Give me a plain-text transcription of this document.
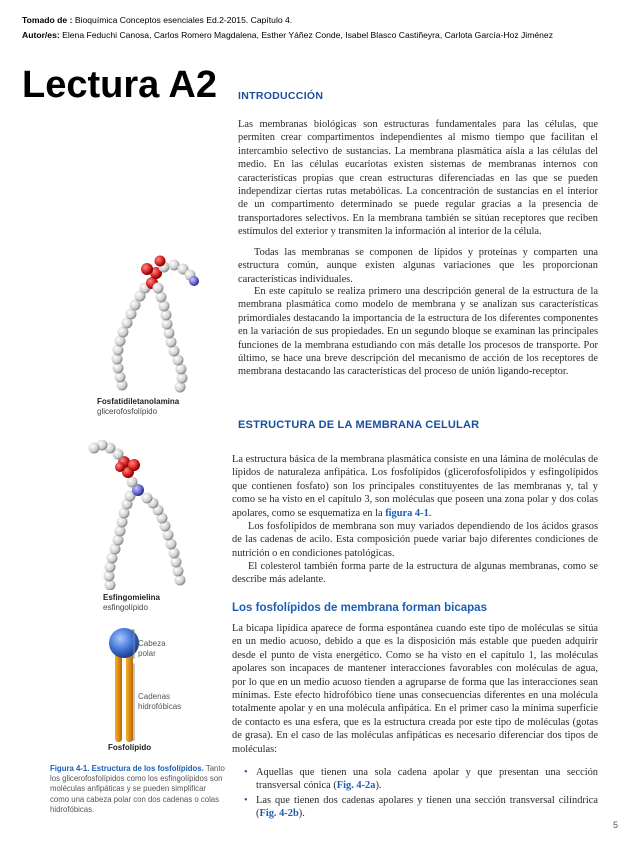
Tomado de : Bioquímica Conceptos esenciales Ed.2-2015. Capítulo 4.
Autor/es: Elena Feduchi Canosa, Carlos Romero Magdalena, Esther Yáñez Conde, Isabel Blasco Castiñeyra, Carlota García-Hoz Jiménez
Lectura A2 INTRODUCCIÓN

Las membranas biológicas son estructuras fundamentales para las células, que permiten crear compartimentos independientes al mismo tiempo que facilitan el intercambio selectivo de sustancias. La membrana plasmática aísla a las células del medio. En las células eucariotas existen sistemas de membranas internos con características propias que crean estructuras diferenciadas en las que se pueden independizar ciertas rutas metabólicas. La concentración de sustancias en el interior de un compartimento determinado se puede regular gracias a la presencia de transportadores selectivos. En la membrana también se sitúan receptores que reciben estímulos del exterior y transmiten la información al interior de la célula.

Todas las membranas se componen de lípidos y proteínas y comparten una estructura común, aunque existen algunas variaciones que les proporcionan características individuales.

En este capítulo se realiza primero una descripción general de la estructura de la membrana plasmática como modelo de membrana y se analizan sus características primordiales destacando la importancia de la estructura de los diferentes componentes en la variación de sus propiedades. En un segundo bloque se examinan las principales funciones de la membrana estudiando con más detalle los procesos de transporte. Por último, se hace una breve descripción del mecanismo de acción de los receptores de membrana destacando las características del proceso de unión ligando-receptor.

ESTRUCTURA DE LA MEMBRANA CELULAR

La estructura básica de la membrana plasmática consiste en una lámina de moléculas de lípidos de naturaleza anfipática. Los fosfolípidos (glicerofosfolípidos y esfingolípidos que contienen fosfato) son los principales constituyentes de las membranas y, tal y como se ha visto en el capítulo 3, son moléculas que poseen una zona polar y dos colas apolares, como se esquematiza en la figura 4-1.

Los fosfolípidos de membrana son muy variados dependiendo de los ácidos grasos de las cadenas de acilo. Esta composición puede variar bajo diferentes condiciones de nutrición o en condiciones patológicas.

El colesterol también forma parte de la estructura de algunas membranas, como se describe más adelante.

Los fosfolípidos de membrana forman bicapas

La bicapa lipídica aparece de forma espontánea cuando este tipo de moléculas se sitúa en un medio acuoso, debido a que es la disposición más estable que pueden adquirir desde el punto de vista energético. Como se ha visto en el capítulo 1, las moléculas apolares son incapaces de mantener interacciones favorables con moléculas de agua, por lo que en un medio acuoso tienden a agruparse de forma que las interacciones sean mínimas. Este efecto hidrofóbico tiene unas consecuencias diferentes en una molécula totalmente apolar y en una molécula anfipática. En el primer caso la mínima superficie de contacto es una esfera, que es la estructura creada por este tipo de moléculas (gotas de grasa). En el caso de las moléculas anfipáticas es necesario diferenciar dos tipos de moléculas:

• Aquellas que tienen una sola cadena apolar y que presentan una sección transversal cónica (Fig. 4-2a).
• Las que tienen dos cadenas apolares y tienen una sección transversal cilíndrica (Fig. 4-2b).
Fosfatidiletanolamina
glicerofosfolípido
Esfingomielina
esfingolípido
Cabeza
polar
Cadenas
hidrofóbicas
Fosfolípido

Figura 4-1. Estructura de los fosfolípidos. Tanto los glicerofosfolípidos como los esfingolípidos son moléculas anfipáticas y se pueden simplificar como una cabeza polar con dos cadenas o colas hidrofóbicas.

5
